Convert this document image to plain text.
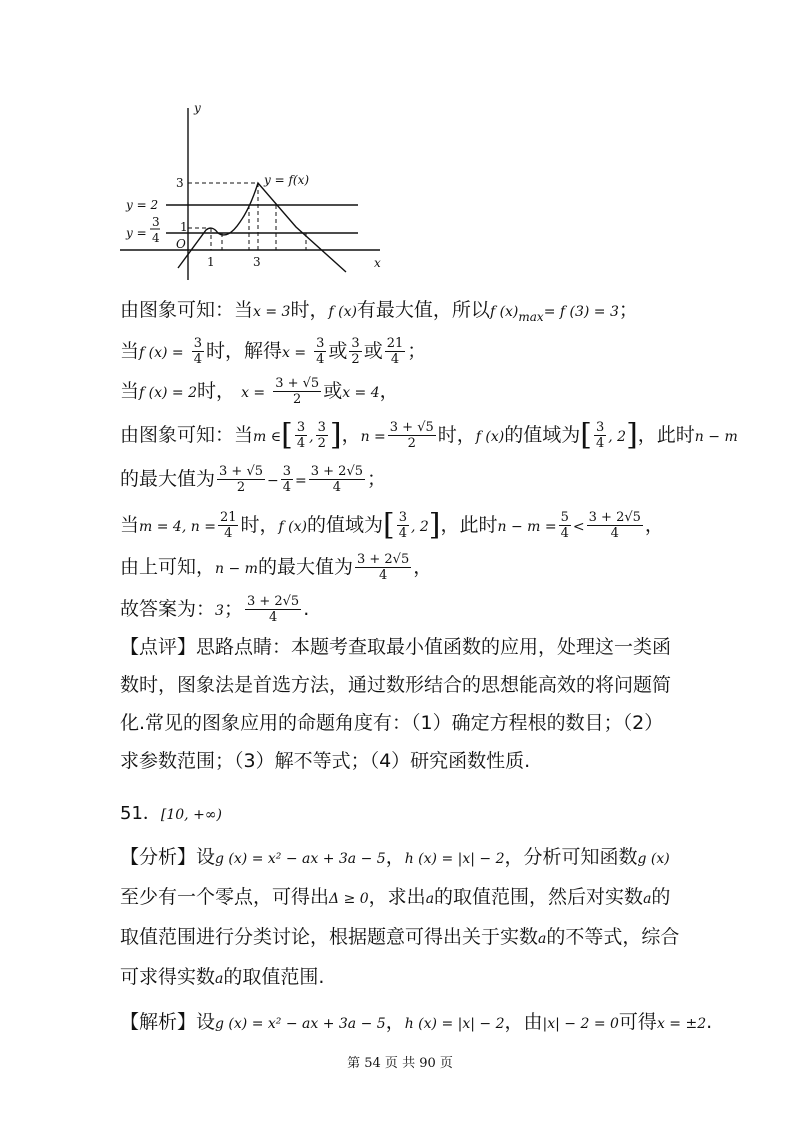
y
x
O
1	3
1
3
y = 2
y =
3
4
y = f(x)
由图象可知：当x = 3时，f (x)有最大值，所以f $(x)_{max}= f$ (3) = 3；
当f $(x) = \frac{3}{4}$ 时，解得$x = \frac{3}{4}$ 或 $\frac{3}{2}$ 或 $\frac{21}{4}$ ；
当f (x) = 2时， $x = \frac{3 + √5}{2}$ 或x = 4，
由图象可知：当m ∈[ $\frac{3}{4}$ , $\frac{3}{2}$ ]，$n = \frac{3 + √5}{2}$ 时，f (x)的值域为[ $\frac{3}{4}$ , 2]，此时n − m
的最大值为 $\frac{3 + √5}{2} - \frac{3}{4} = \frac{3 + 2√5}{4}$ ；
当m = 4, $n = \frac{21}{4}$ 时，f (x)的值域为[ $\frac{3}{4}$ , 2]，此时$n - m = \frac{5}{4} < \frac{3 + 2√5}{4}$ ，
由上可知，n − m的最大值为 $\frac{3 + 2√5}{4}$ ，
故答案为：3； $\frac{3 + 2√5}{4}$ .
【点评】思路点睛：本题考查取最小值函数的应用，处理这一类函数时，图象法是首选方法，通过数形结合的思想能高效的将问题简化.常见的图象应用的命题角度有：（1）确定方程根的数目；（2）求参数范围；（3）解不等式；（4）研究函数性质.
51．[10, +∞)
【分析】设g (x) = x² − ax + 3a − 5，h (x) = |x| − 2，分析可知函数g (x)至少有一个零点，可得出Δ ≥ 0，求出a的取值范围，然后对实数a的取值范围进行分类讨论，根据题意可得出关于实数a的不等式，综合可求得实数a的取值范围.
【解析】设g (x) = x² − ax + 3a − 5，h (x) = |x| − 2，由|x| − 2 = 0可得x = ±2.
第 54 页 共 90 页
